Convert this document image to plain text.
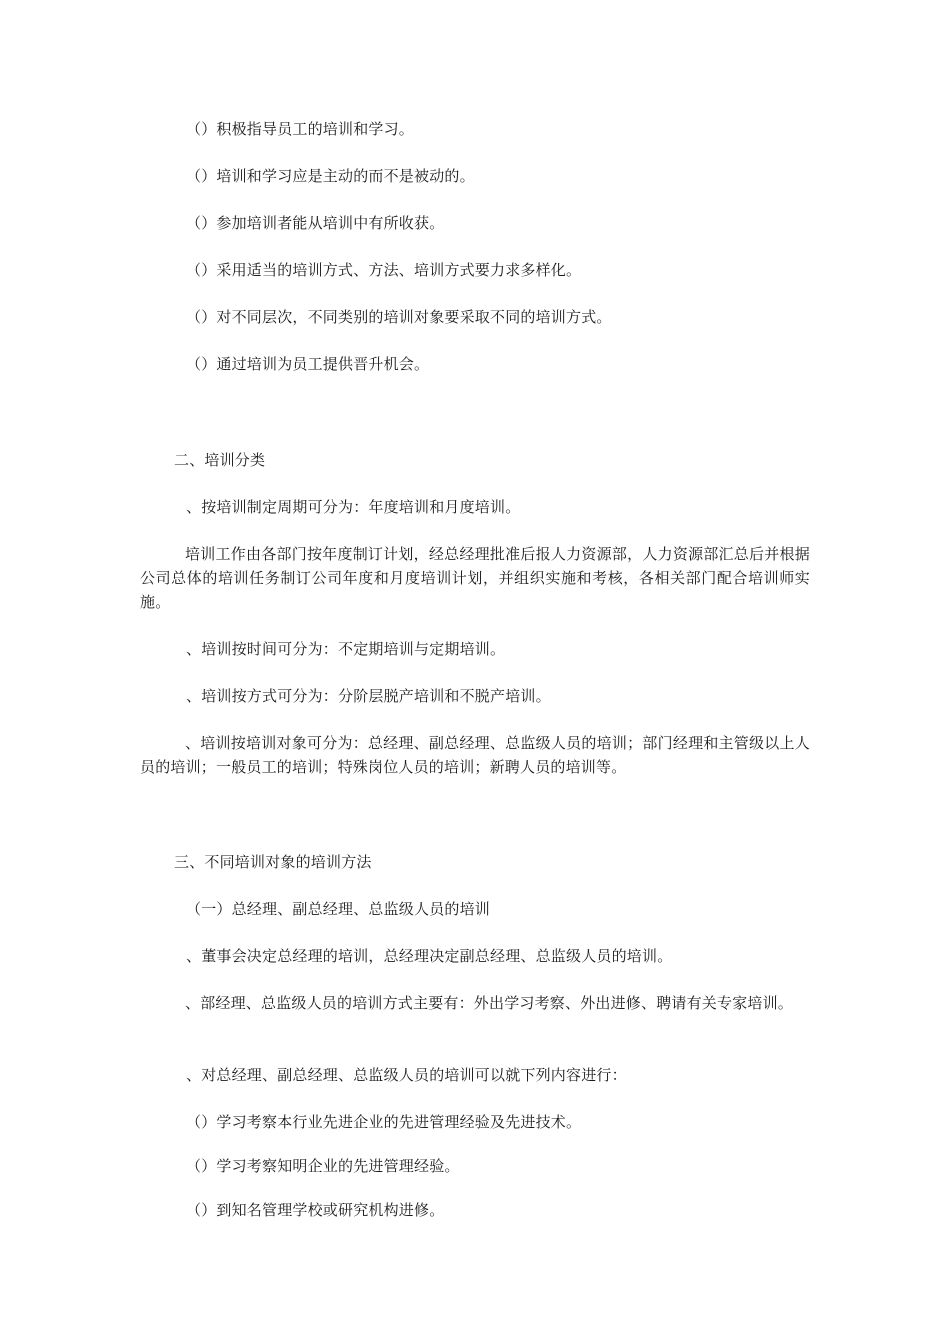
（）积极指导员工的培训和学习。
（）培训和学习应是主动的而不是被动的。
（）参加培训者能从培训中有所收获。
（）采用适当的培训方式、方法、培训方式要力求多样化。
（）对不同层次，不同类别的培训对象要采取不同的培训方式。
（）通过培训为员工提供晋升机会。
二、培训分类
、按培训制定周期可分为：年度培训和月度培训。
培训工作由各部门按年度制订计划，经总经理批准后报人力资源部，人力资源部汇总后并根据公司总体的培训任务制订公司年度和月度培训计划，并组织实施和考核，各相关部门配合培训师实施。
、培训按时间可分为：不定期培训与定期培训。
、培训按方式可分为：分阶层脱产培训和不脱产培训。
、培训按培训对象可分为：总经理、副总经理、总监级人员的培训；部门经理和主管级以上人员的培训；一般员工的培训；特殊岗位人员的培训；新聘人员的培训等。
三、不同培训对象的培训方法
（一）总经理、副总经理、总监级人员的培训
、董事会决定总经理的培训，总经理决定副总经理、总监级人员的培训。
、部经理、总监级人员的培训方式主要有：外出学习考察、外出进修、聘请有关专家培训。
、对总经理、副总经理、总监级人员的培训可以就下列内容进行：
（）学习考察本行业先进企业的先进管理经验及先进技术。
（）学习考察知明企业的先进管理经验。
（）到知名管理学校或研究机构进修。
